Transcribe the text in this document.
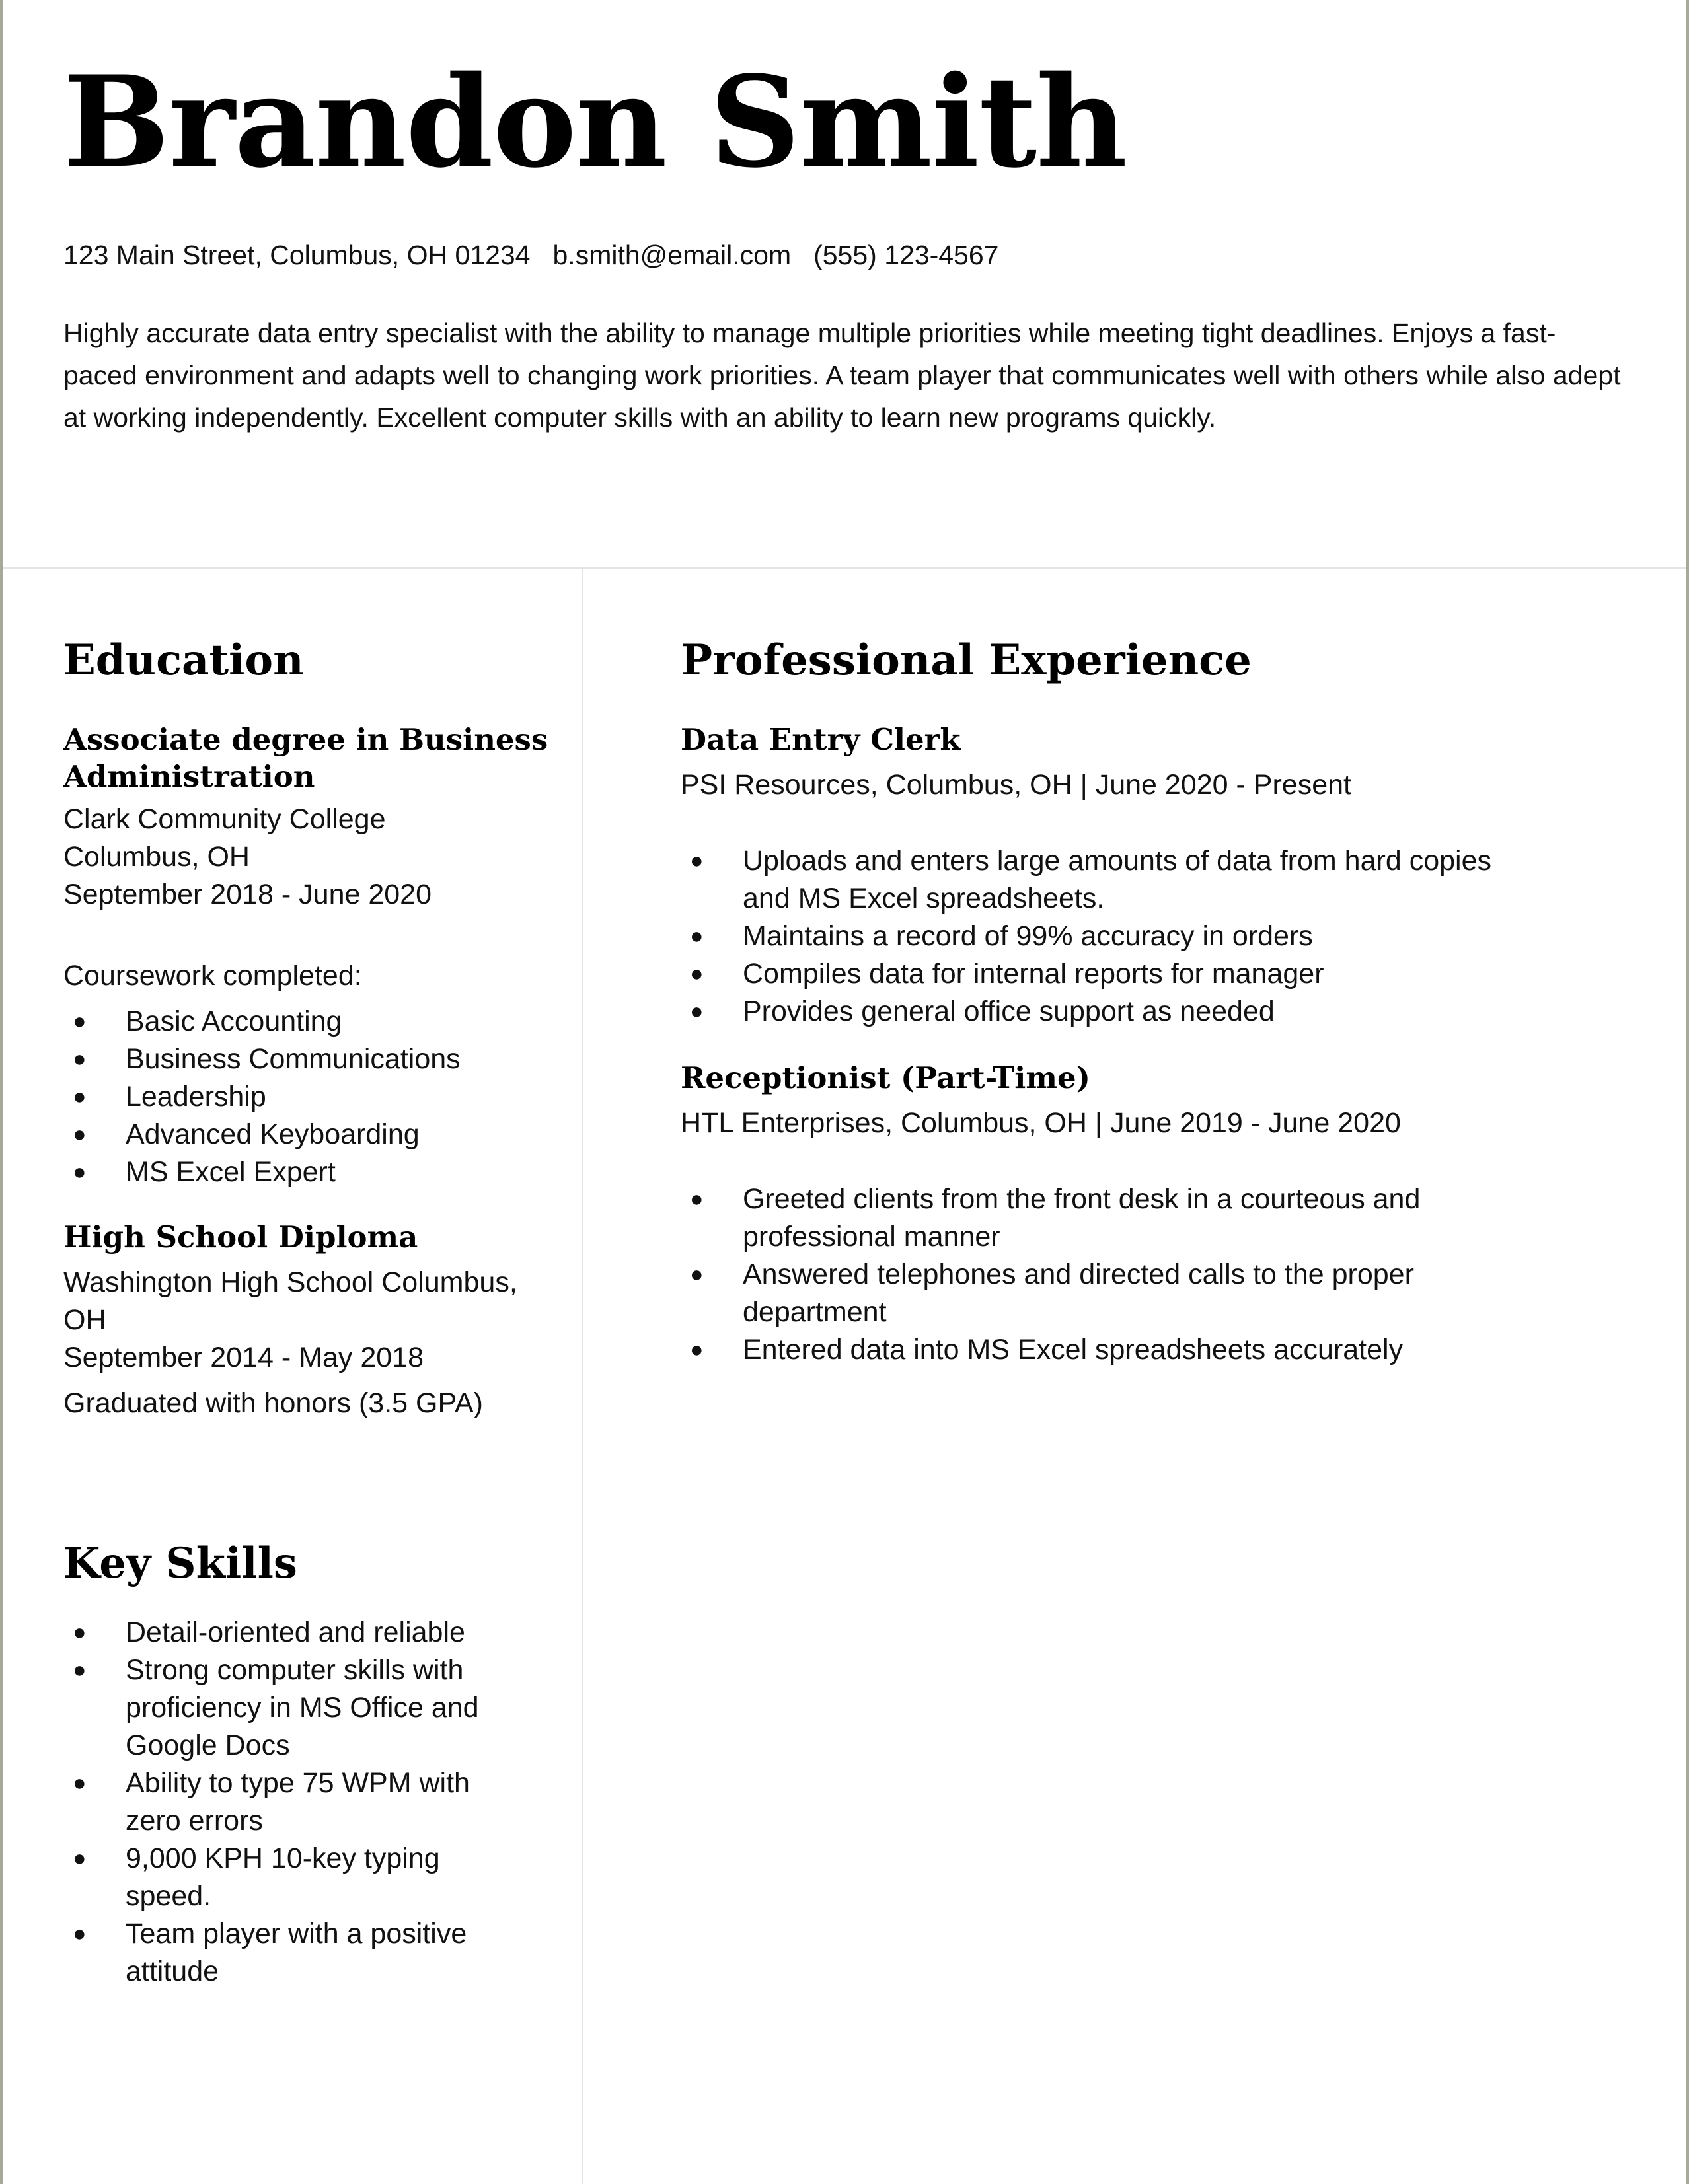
Brandon Smith
123 Main Street, Columbus, OH 01234 b.smith@email.com (555) 123-4567

Highly accurate data entry specialist with the ability to manage multiple priorities while meeting tight deadlines. Enjoys a fast-paced environment and adapts well to changing work priorities. A team player that communicates well with others while also adept at working independently. Excellent computer skills with an ability to learn new programs quickly.

Education
Associate degree in Business Administration
Clark Community College
Columbus, OH
September 2018 - June 2020
Coursework completed:
● Basic Accounting
● Business Communications
● Leadership
● Advanced Keyboarding
● MS Excel Expert
High School Diploma
Washington High School Columbus, OH
September 2014 - May 2018
Graduated with honors (3.5 GPA)
Key Skills
● Detail-oriented and reliable
● Strong computer skills with proficiency in MS Office and Google Docs
● Ability to type 75 WPM with zero errors
● 9,000 KPH 10-key typing speed.
● Team player with a positive attitude
Professional Experience
Data Entry Clerk
PSI Resources, Columbus, OH | June 2020 - Present
● Uploads and enters large amounts of data from hard copies and MS Excel spreadsheets.
● Maintains a record of 99% accuracy in orders
● Compiles data for internal reports for manager
● Provides general office support as needed
Receptionist (Part-Time)
HTL Enterprises, Columbus, OH | June 2019 - June 2020
● Greeted clients from the front desk in a courteous and professional manner
● Answered telephones and directed calls to the proper department
● Entered data into MS Excel spreadsheets accurately
